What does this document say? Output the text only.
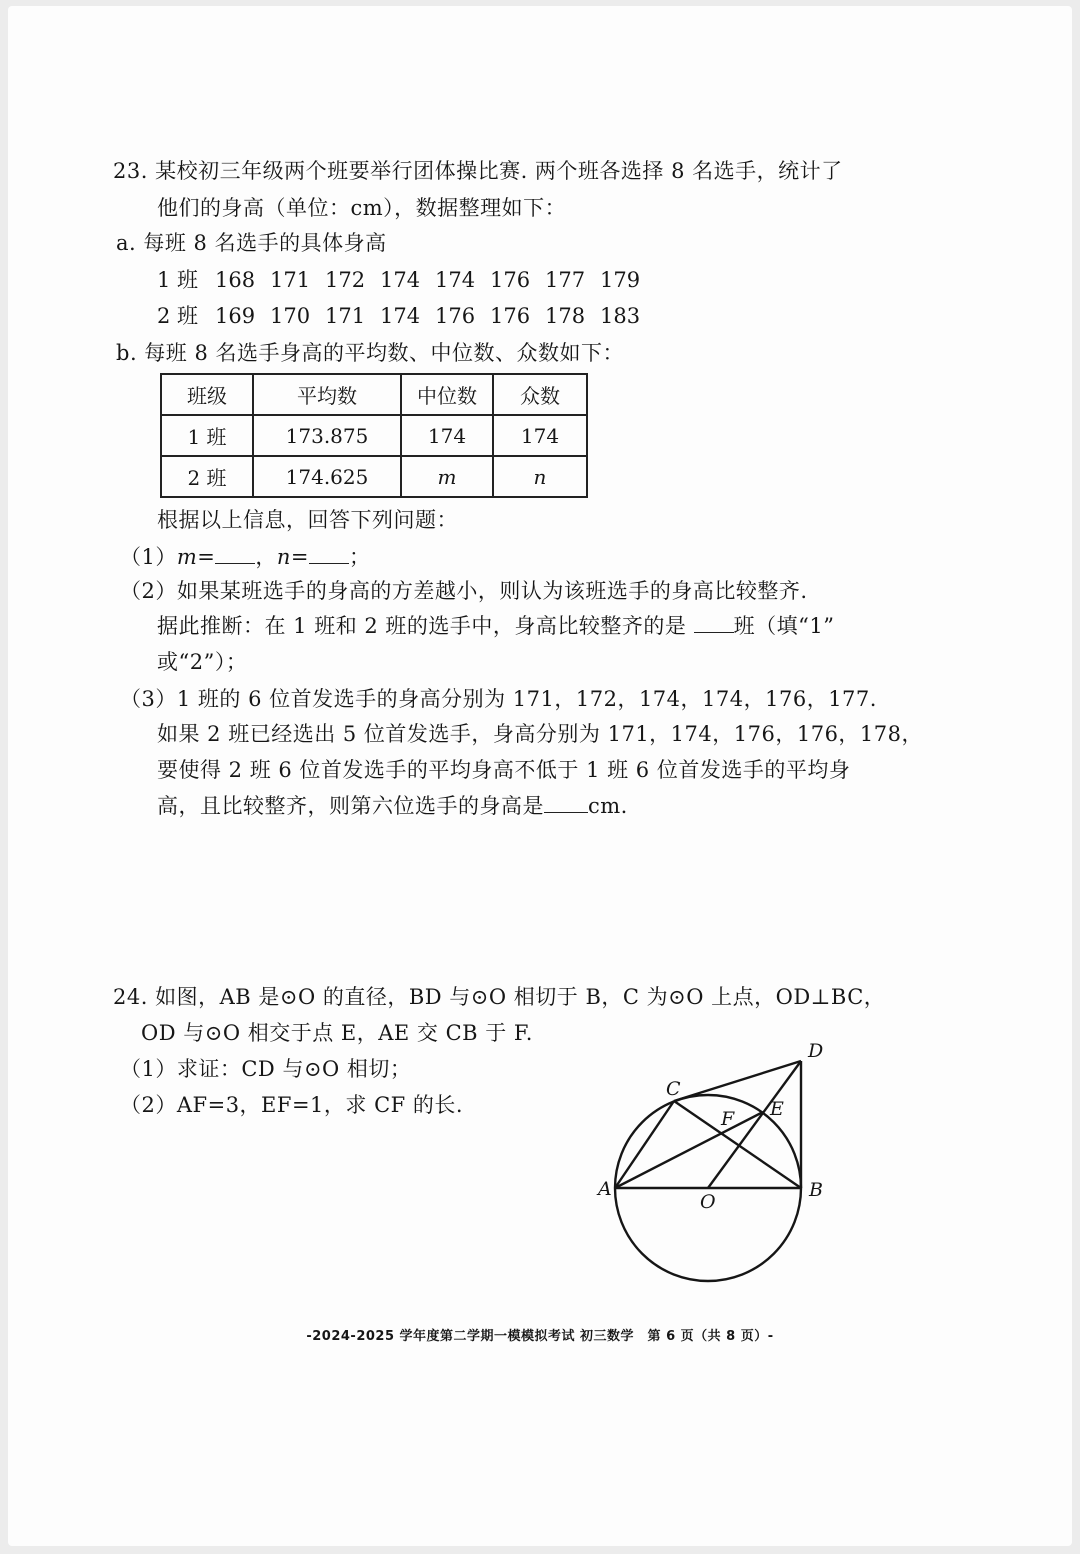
23. 某校初三年级两个班要举行团体操比赛. 两个班各选择 8 名选手，统计了
他们的身高（单位：cm），数据整理如下：
a. 每班 8 名选手的具体身高
1 班 168 171 172 174 174 176 177 179
2 班 169 170 171 174 176 176 178 183
b. 每班 8 名选手身高的平均数、中位数、众数如下：
班级	平均数	中位数	众数
1 班	173.875	174	174
2 班	174.625	m	n
根据以上信息，回答下列问题：
（1）m= ，n= ；
（2）如果某班选手的身高的方差越小，则认为该班选手的身高比较整齐.
据此推断：在 1 班和 2 班的选手中，身高比较整齐的是 班（填“1”
或“2”）；
（3）1 班的 6 位首发选手的身高分别为 171，172，174，174，176，177.
如果 2 班已经选出 5 位首发选手，身高分别为 171，174，176，176，178，
要使得 2 班 6 位首发选手的平均身高不低于 1 班 6 位首发选手的平均身
高，且比较整齐，则第六位选手的身高是 cm.
24. 如图，AB 是⊙O 的直径，BD 与⊙O 相切于 B，C 为⊙O 上点，OD⊥BC，
OD 与⊙O 相交于点 E，AE 交 CB 于 F.
（1）求证：CD 与⊙O 相切；
（2）AF=3，EF=1，求 CF 的长.
C
D
E
F
A	B
O
-2024-2025 学年度第二学期一模模拟考试 初三数学　第 6 页（共 8 页）-
